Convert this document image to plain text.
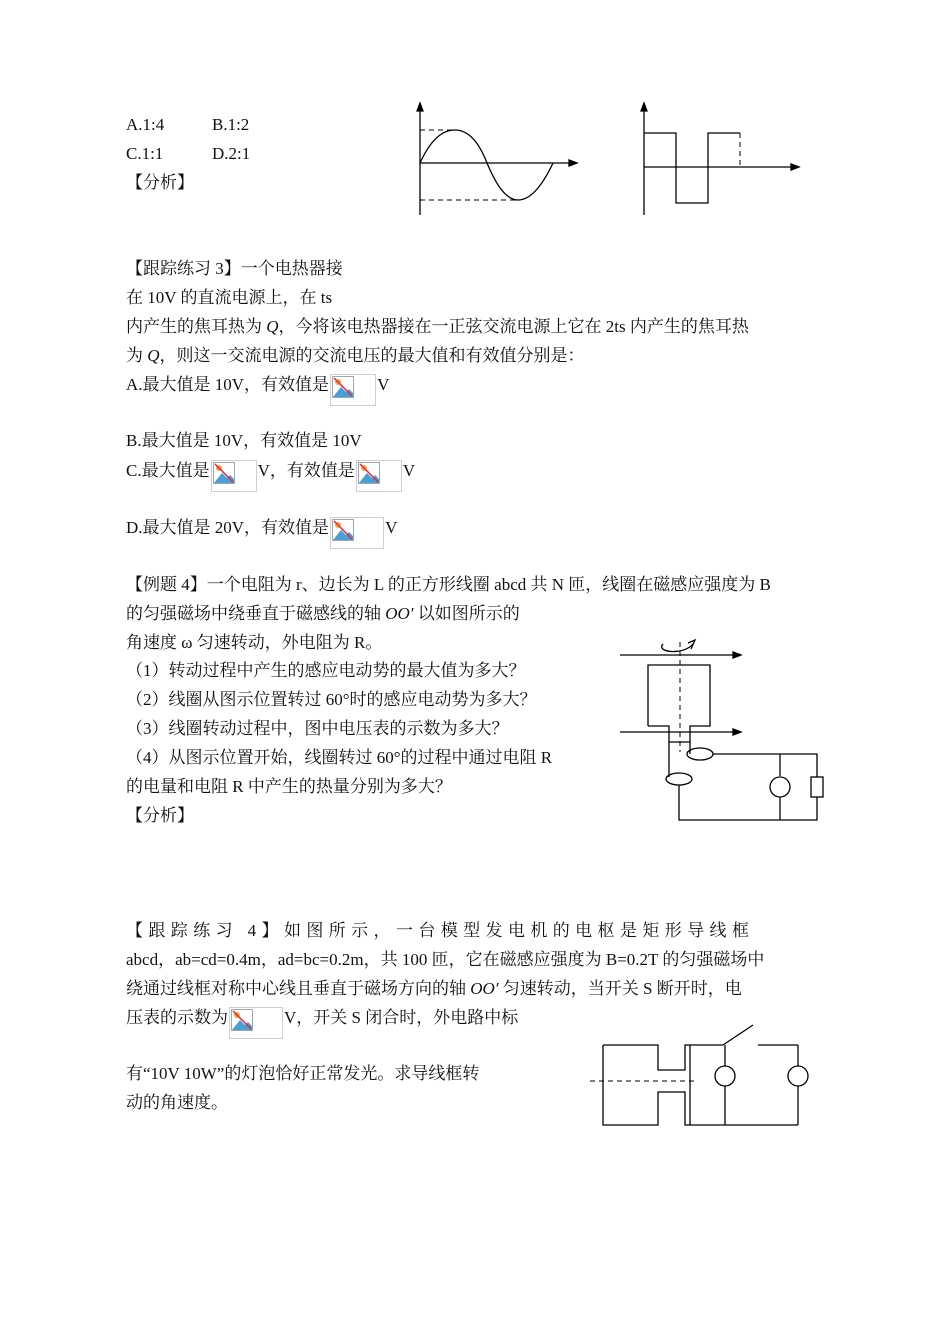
A.1:4	B.1:2
C.1:1	D.2:1
【分析】
【跟踪练习 3】一个电热器接
在 10V 的直流电源上，在 ts
内产生的焦耳热为 Q，今将该电热器接在一正弦交流电源上它在 2ts 内产生的焦耳热
为 Q，则这一交流电源的交流电压的最大值和有效值分别是：
A.最大值是 10V，有效值是	V
B.最大值是 10V，有效值是 10V
C.最大值是	V，有效值是	V
D.最大值是 20V，有效值是	V
【例题 4】一个电阻为 r、边长为 L 的正方形线圈 abcd 共 N 匝，线圈在磁感应强度为 B
的匀强磁场中绕垂直于磁感线的轴 OO′ 以如图所示的
角速度 ω 匀速转动，外电阻为 R。
（1）转动过程中产生的感应电动势的最大值为多大？
（2）线圈从图示位置转过 60°时的感应电动势为多大？
（3）线圈转动过程中，图中电压表的示数为多大？
（4）从图示位置开始，线圈转过 60°的过程中通过电阻 R
的电量和电阻 R 中产生的热量分别为多大？
【分析】
【跟踪练习 4】如图所示，一台模型发电机的电枢是矩形导线框
abcd，ab=cd=0.4m，ad=bc=0.2m，共 100 匝，它在磁感应强度为 B=0.2T 的匀强磁场中
绕通过线框对称中心线且垂直于磁场方向的轴 OO′ 匀速转动，当开关 S 断开时，电
压表的示数为	V，开关 S 闭合时，外电路中标
有“10V 10W”的灯泡恰好正常发光。求导线框转
动的角速度。
